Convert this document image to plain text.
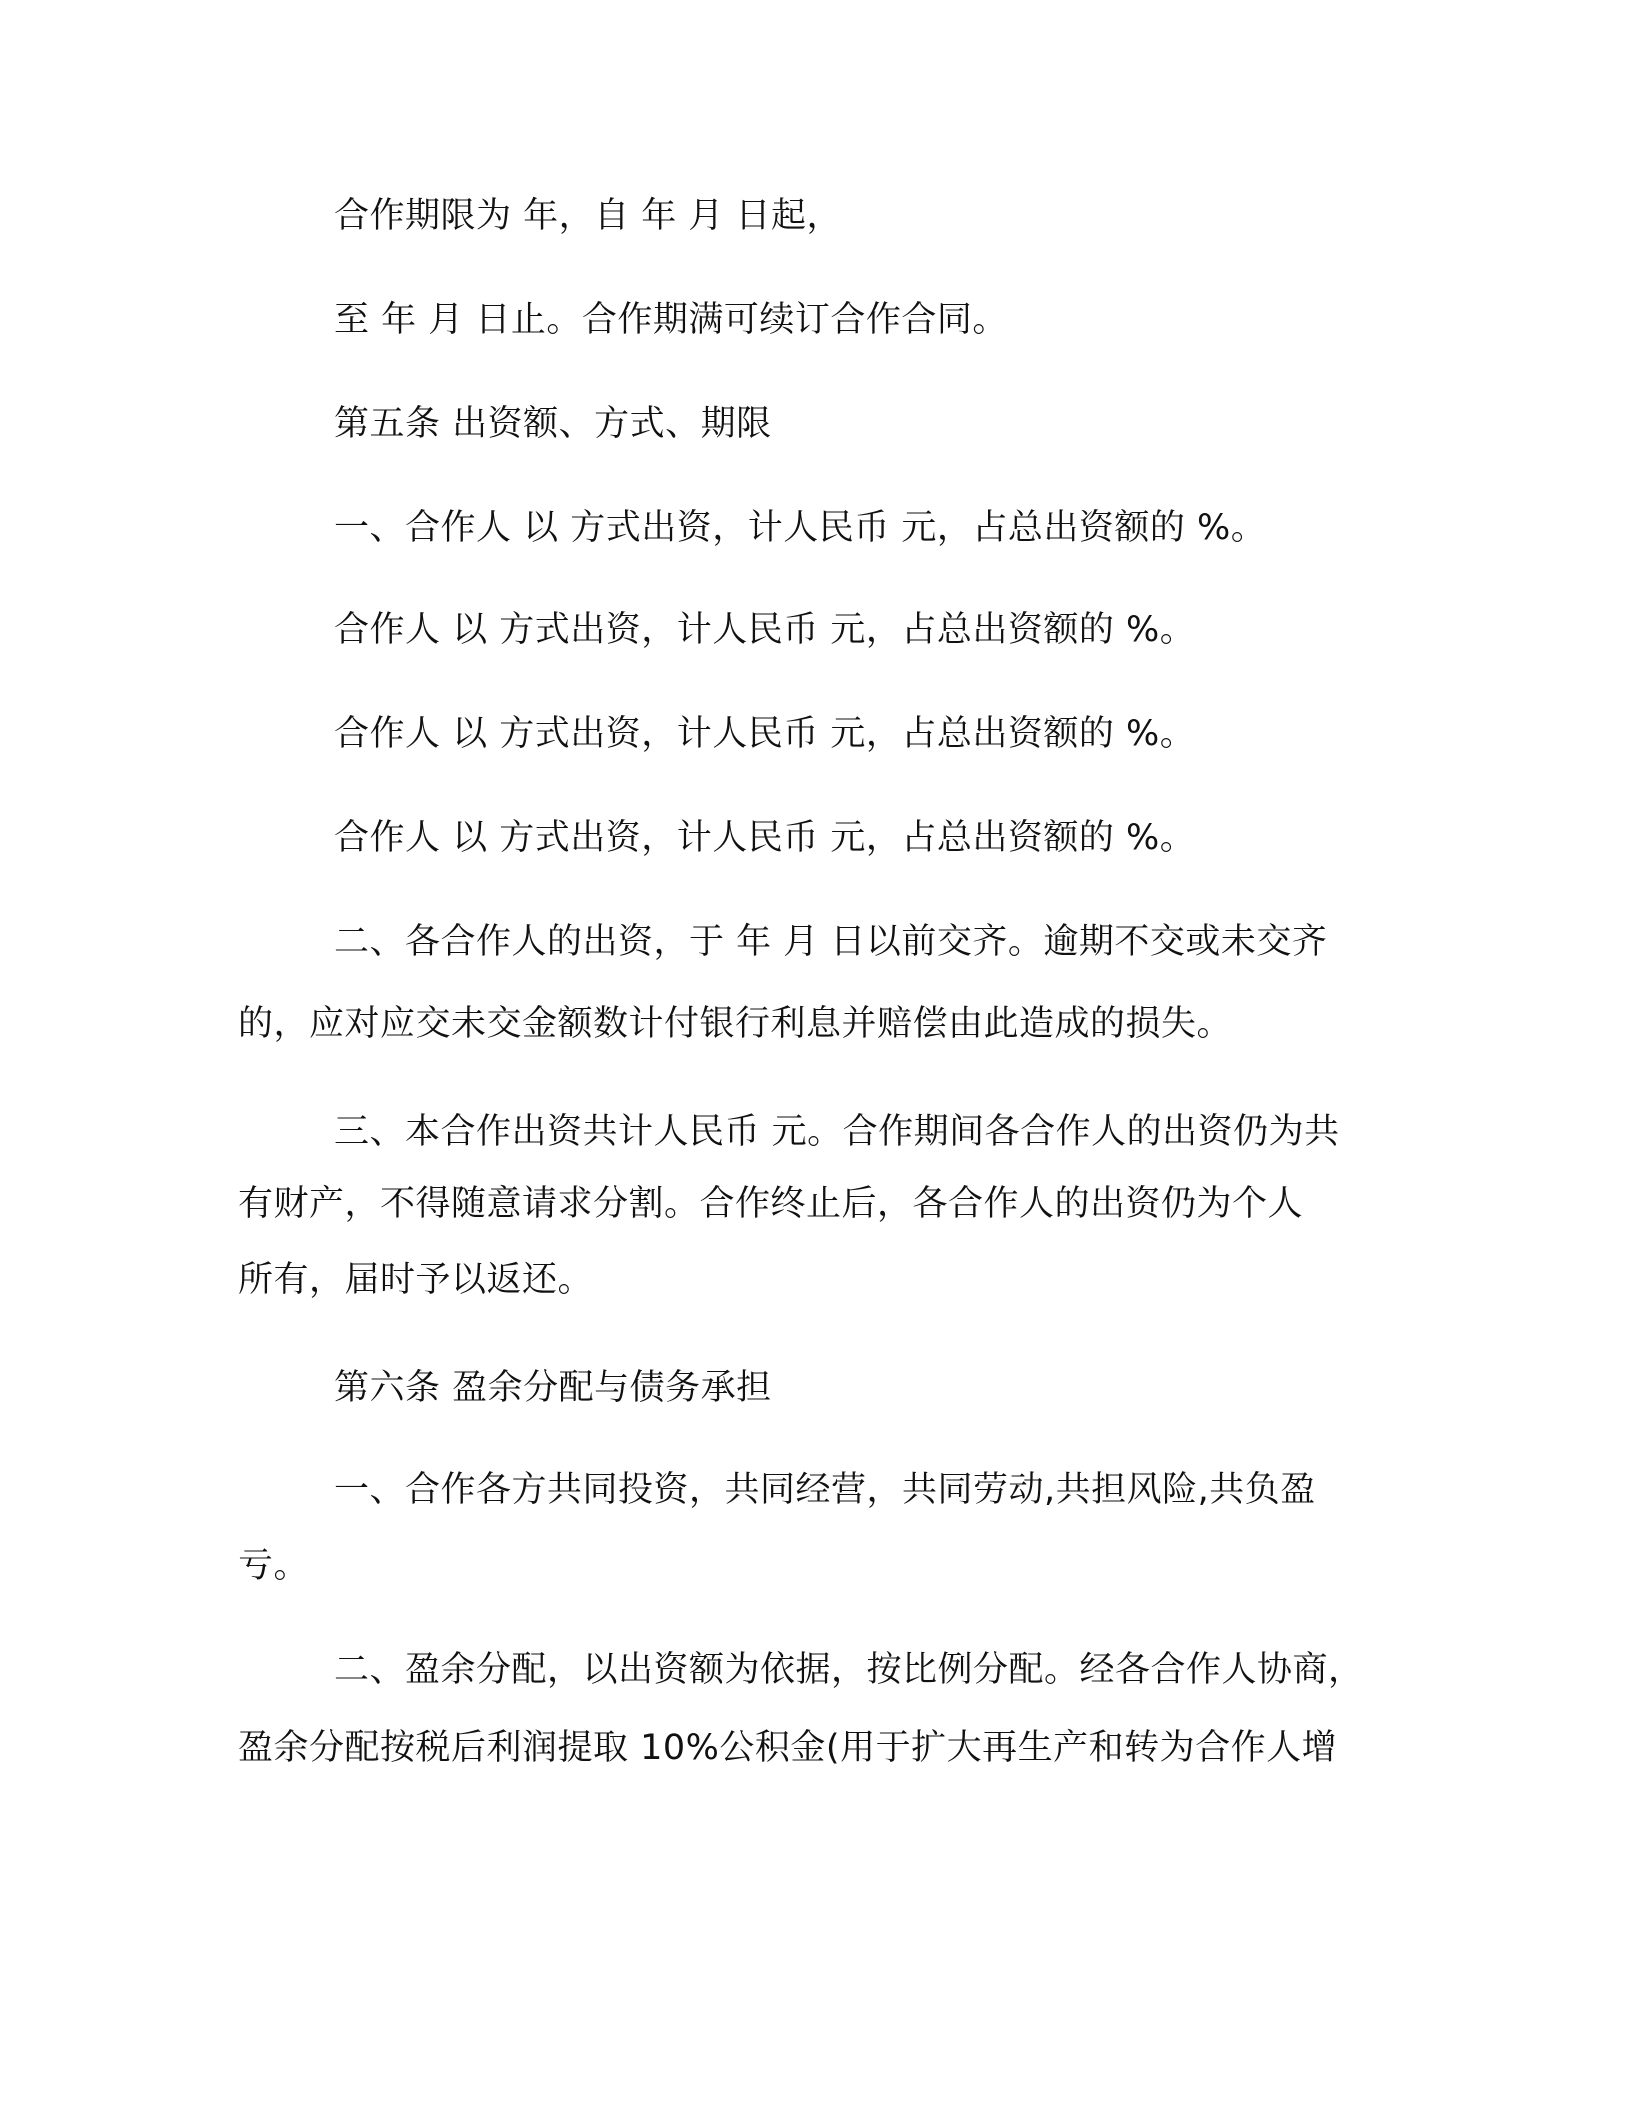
合作期限为 年，自 年 月 日起，
至 年 月 日止。合作期满可续订合作合同。
第五条 出资额、方式、期限
一、合作人 以 方式出资，计人民币 元，占总出资额的 %。
合作人 以 方式出资，计人民币 元，占总出资额的 %。
合作人 以 方式出资，计人民币 元，占总出资额的 %。
合作人 以 方式出资，计人民币 元，占总出资额的 %。
二、各合作人的出资，于 年 月 日以前交齐。逾期不交或未交齐
的，应对应交未交金额数计付银行利息并赔偿由此造成的损失。
三、本合作出资共计人民币 元。合作期间各合作人的出资仍为共
有财产，不得随意请求分割。合作终止后，各合作人的出资仍为个人
所有，届时予以返还。
第六条 盈余分配与债务承担
一、合作各方共同投资，共同经营，共同劳动,共担风险,共负盈
亏。
二、盈余分配，以出资额为依据，按比例分配。经各合作人协商，
盈余分配按税后利润提取 10%公积金(用于扩大再生产和转为合作人增
